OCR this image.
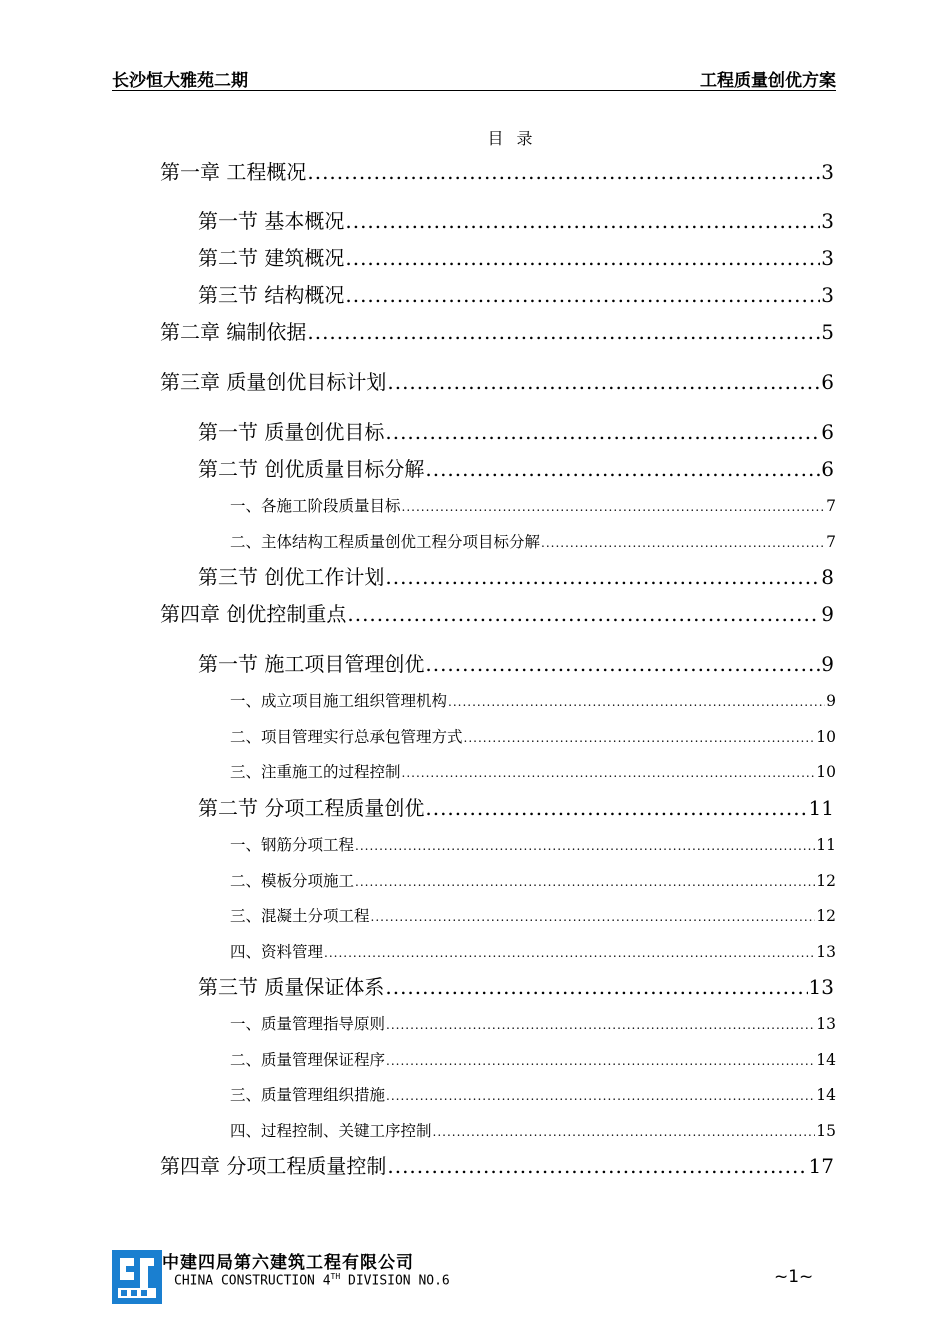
长沙恒大雅苑二期	工程质量创优方案
目 录
第一章 工程概况 .....	3
第一节 基本概况 .....	3
第二节 建筑概况 .....	3
第三节 结构概况 .....	3
第二章 编制依据 .....	5
第三章 质量创优目标计划 .....	6
第一节 质量创优目标 .....	6
第二节 创优质量目标分解 .....	6
一、各施工阶段质量目标 .....	7
二、主体结构工程质量创优工程分项目标分解 .....	7
第三节 创优工作计划 .....	8
第四章 创优控制重点 .....	9
第一节 施工项目管理创优 .....	9
一、成立项目施工组织管理机构 .....	9
二、项目管理实行总承包管理方式 .....	10
三、注重施工的过程控制 .....	10
第二节 分项工程质量创优 .....	11
一、钢筋分项工程 .....	11
二、模板分项施工 .....	12
三、混凝土分项工程 .....	12
四、资料管理 .....	13
第三节 质量保证体系 .....	13
一、质量管理指导原则 .....	13
二、质量管理保证程序 .....	14
三、质量管理组织措施 .....	14
四、过程控制、关键工序控制 .....	15
第四章 分项工程质量控制 .....	17
中建四局第六建筑工程有限公司
CHINA CONSTRUCTION 4TH DIVISION NO.6	~1~
